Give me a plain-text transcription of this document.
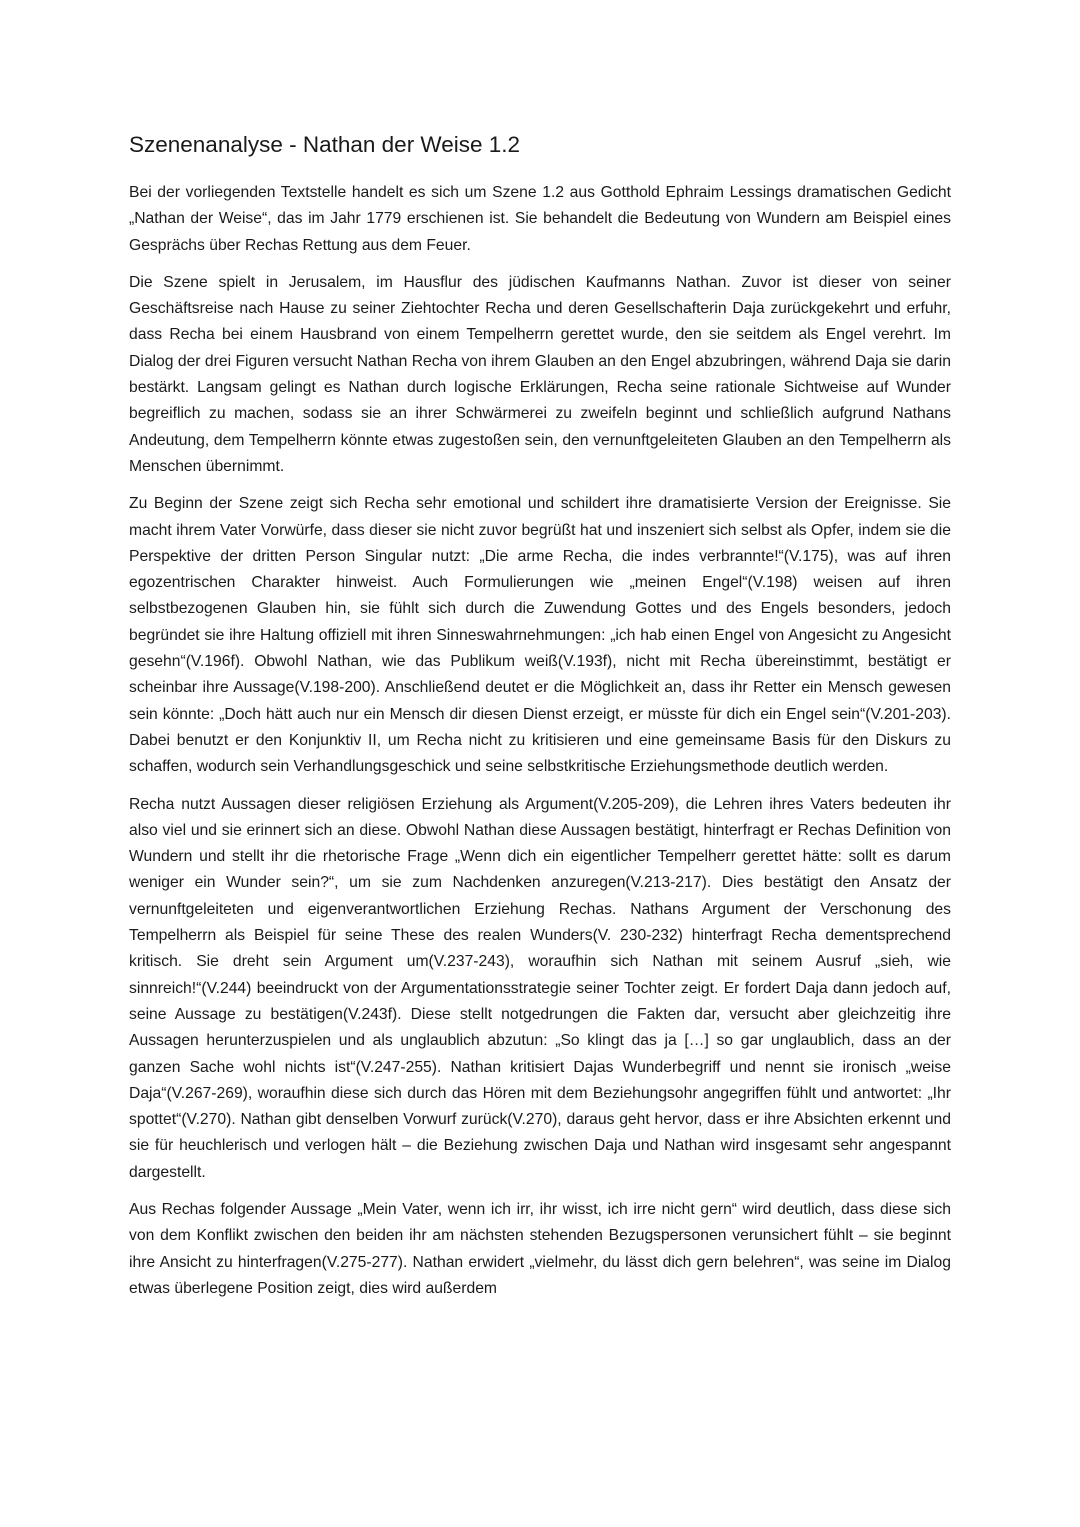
Szenenanalyse - Nathan der Weise 1.2

Bei der vorliegenden Textstelle handelt es sich um Szene 1.2 aus Gotthold Ephraim Lessings dramatischen Gedicht „Nathan der Weise“, das im Jahr 1779 erschienen ist. Sie behandelt die Bedeutung von Wundern am Beispiel eines Gesprächs über Rechas Rettung aus dem Feuer.

Die Szene spielt in Jerusalem, im Hausflur des jüdischen Kaufmanns Nathan. Zuvor ist dieser von seiner Geschäftsreise nach Hause zu seiner Ziehtochter Recha und deren Gesellschafterin Daja zurückgekehrt und erfuhr, dass Recha bei einem Hausbrand von einem Tempelherrn gerettet wurde, den sie seitdem als Engel verehrt. Im Dialog der drei Figuren versucht Nathan Recha von ihrem Glauben an den Engel abzubringen, während Daja sie darin bestärkt. Langsam gelingt es Nathan durch logische Erklärungen, Recha seine rationale Sichtweise auf Wunder begreiflich zu machen, sodass sie an ihrer Schwärmerei zu zweifeln beginnt und schließlich aufgrund Nathans Andeutung, dem Tempelherrn könnte etwas zugestoßen sein, den vernunftgeleiteten Glauben an den Tempelherrn als Menschen übernimmt.

Zu Beginn der Szene zeigt sich Recha sehr emotional und schildert ihre dramatisierte Version der Ereignisse. Sie macht ihrem Vater Vorwürfe, dass dieser sie nicht zuvor begrüßt hat und inszeniert sich selbst als Opfer, indem sie die Perspektive der dritten Person Singular nutzt: „Die arme Recha, die indes verbrannte!“(V.175), was auf ihren egozentrischen Charakter hinweist. Auch Formulierungen wie „meinen Engel“(V.198) weisen auf ihren selbstbezogenen Glauben hin, sie fühlt sich durch die Zuwendung Gottes und des Engels besonders, jedoch begründet sie ihre Haltung offiziell mit ihren Sinneswahrnehmungen: „ich hab einen Engel von Angesicht zu Angesicht gesehn“(V.196f). Obwohl Nathan, wie das Publikum weiß(V.193f), nicht mit Recha übereinstimmt, bestätigt er scheinbar ihre Aussage(V.198-200). Anschließend deutet er die Möglichkeit an, dass ihr Retter ein Mensch gewesen sein könnte: „Doch hätt auch nur ein Mensch dir diesen Dienst erzeigt, er müsste für dich ein Engel sein“(V.201-203). Dabei benutzt er den Konjunktiv II, um Recha nicht zu kritisieren und eine gemeinsame Basis für den Diskurs zu schaffen, wodurch sein Verhandlungsgeschick und seine selbstkritische Erziehungsmethode deutlich werden.

Recha nutzt Aussagen dieser religiösen Erziehung als Argument(V.205-209), die Lehren ihres Vaters bedeuten ihr also viel und sie erinnert sich an diese. Obwohl Nathan diese Aussagen bestätigt, hinterfragt er Rechas Definition von Wundern und stellt ihr die rhetorische Frage „Wenn dich ein eigentlicher Tempelherr gerettet hätte: sollt es darum weniger ein Wunder sein?“, um sie zum Nachdenken anzuregen(V.213-217). Dies bestätigt den Ansatz der vernunftgeleiteten und eigenverantwortlichen Erziehung Rechas. Nathans Argument der Verschonung des Tempelherrn als Beispiel für seine These des realen Wunders(V. 230-232) hinterfragt Recha dementsprechend kritisch. Sie dreht sein Argument um(V.237-243), woraufhin sich Nathan mit seinem Ausruf „sieh, wie sinnreich!“(V.244) beeindruckt von der Argumentationsstrategie seiner Tochter zeigt. Er fordert Daja dann jedoch auf, seine Aussage zu bestätigen(V.243f). Diese stellt notgedrungen die Fakten dar, versucht aber gleichzeitig ihre Aussagen herunterzuspielen und als unglaublich abzutun: „So klingt das ja […] so gar unglaublich, dass an der ganzen Sache wohl nichts ist“(V.247-255). Nathan kritisiert Dajas Wunderbegriff und nennt sie ironisch „weise Daja“(V.267-269), woraufhin diese sich durch das Hören mit dem Beziehungsohr angegriffen fühlt und antwortet: „Ihr spottet“(V.270). Nathan gibt denselben Vorwurf zurück(V.270), daraus geht hervor, dass er ihre Absichten erkennt und sie für heuchlerisch und verlogen hält – die Beziehung zwischen Daja und Nathan wird insgesamt sehr angespannt dargestellt.

Aus Rechas folgender Aussage „Mein Vater, wenn ich irr, ihr wisst, ich irre nicht gern“ wird deutlich, dass diese sich von dem Konflikt zwischen den beiden ihr am nächsten stehenden Bezugspersonen verunsichert fühlt – sie beginnt ihre Ansicht zu hinterfragen(V.275-277). Nathan erwidert „vielmehr, du lässt dich gern belehren“, was seine im Dialog etwas überlegene Position zeigt, dies wird außerdem
